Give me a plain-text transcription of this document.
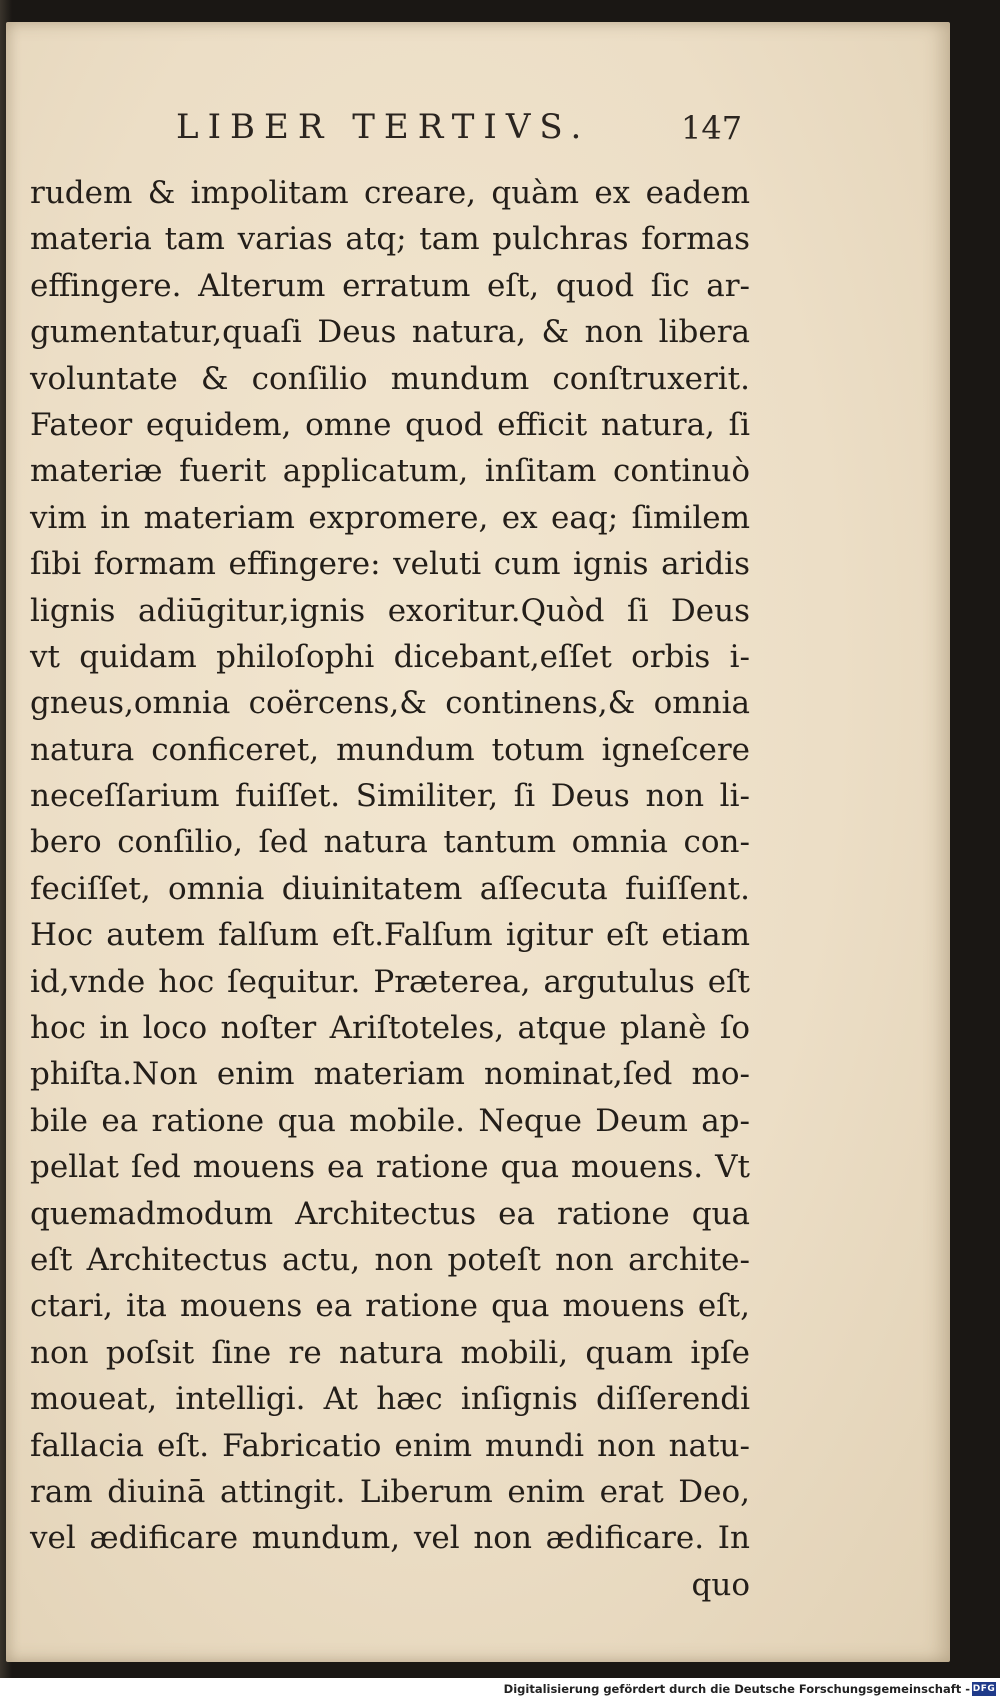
LIBER TERTIVS.	147
rudem & impolitam creare, quàm ex eadem
materia tam varias atq; tam pulchras formas
effingere. Alterum erratum eſt, quod ſic ar-
gumentatur,quaſi Deus natura, & non libera
voluntate & conſilio mundum conſtruxerit.
Fateor equidem, omne quod efficit natura, ſi
materiæ fuerit applicatum, inſitam continuò
vim in materiam expromere, ex eaq; ſimilem
ſibi formam effingere: veluti cum ignis aridis
lignis adiūgitur,ignis exoritur.Quòd ſi Deus
vt quidam philoſophi dicebant,eſſet orbis i-
gneus,omnia coërcens,& continens,& omnia
natura conficeret, mundum totum igneſcere
neceſſarium fuiſſet. Similiter, ſi Deus non li-
bero conſilio, ſed natura tantum omnia con-
feciſſet, omnia diuinitatem aſſecuta fuiſſent.
Hoc autem falſum eſt.Falſum igitur eſt etiam
id,vnde hoc ſequitur. Præterea, argutulus eſt
hoc in loco noſter Ariſtoteles, atque planè ſo
phiſta.Non enim materiam nominat,ſed mo-
bile ea ratione qua mobile. Neque Deum ap-
pellat ſed mouens ea ratione qua mouens. Vt
quemadmodum Architectus ea ratione qua
eſt Architectus actu, non poteſt non archite-
ctari, ita mouens ea ratione qua mouens eſt,
non poſsit ſine re natura mobili, quam ipſe
moueat, intelligi. At hæc inſignis diſſerendi
fallacia eſt. Fabricatio enim mundi non natu-
ram diuinā attingit. Liberum enim erat Deo,
vel ædificare mundum, vel non ædificare. In
quo
Digitalisierung gefördert durch die Deutsche Forschungsgemeinschaft - DFG
